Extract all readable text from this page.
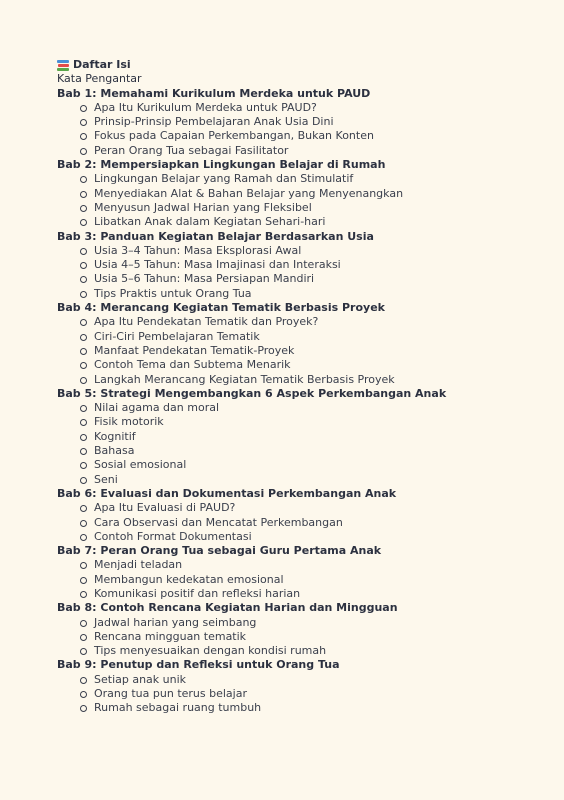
Daftar Isi
Kata Pengantar
Bab 1: Memahami Kurikulum Merdeka untuk PAUD
Apa Itu Kurikulum Merdeka untuk PAUD?
Prinsip-Prinsip Pembelajaran Anak Usia Dini
Fokus pada Capaian Perkembangan, Bukan Konten
Peran Orang Tua sebagai Fasilitator
Bab 2: Mempersiapkan Lingkungan Belajar di Rumah
Lingkungan Belajar yang Ramah dan Stimulatif
Menyediakan Alat & Bahan Belajar yang Menyenangkan
Menyusun Jadwal Harian yang Fleksibel
Libatkan Anak dalam Kegiatan Sehari-hari
Bab 3: Panduan Kegiatan Belajar Berdasarkan Usia
Usia 3–4 Tahun: Masa Eksplorasi Awal
Usia 4–5 Tahun: Masa Imajinasi dan Interaksi
Usia 5–6 Tahun: Masa Persiapan Mandiri
Tips Praktis untuk Orang Tua
Bab 4: Merancang Kegiatan Tematik Berbasis Proyek
Apa Itu Pendekatan Tematik dan Proyek?
Ciri-Ciri Pembelajaran Tematik
Manfaat Pendekatan Tematik-Proyek
Contoh Tema dan Subtema Menarik
Langkah Merancang Kegiatan Tematik Berbasis Proyek
Bab 5: Strategi Mengembangkan 6 Aspek Perkembangan Anak
Nilai agama dan moral
Fisik motorik
Kognitif
Bahasa
Sosial emosional
Seni
Bab 6: Evaluasi dan Dokumentasi Perkembangan Anak
Apa Itu Evaluasi di PAUD?
Cara Observasi dan Mencatat Perkembangan
Contoh Format Dokumentasi
Bab 7: Peran Orang Tua sebagai Guru Pertama Anak
Menjadi teladan
Membangun kedekatan emosional
Komunikasi positif dan refleksi harian
Bab 8: Contoh Rencana Kegiatan Harian dan Mingguan
Jadwal harian yang seimbang
Rencana mingguan tematik
Tips menyesuaikan dengan kondisi rumah
Bab 9: Penutup dan Refleksi untuk Orang Tua
Setiap anak unik
Orang tua pun terus belajar
Rumah sebagai ruang tumbuh
